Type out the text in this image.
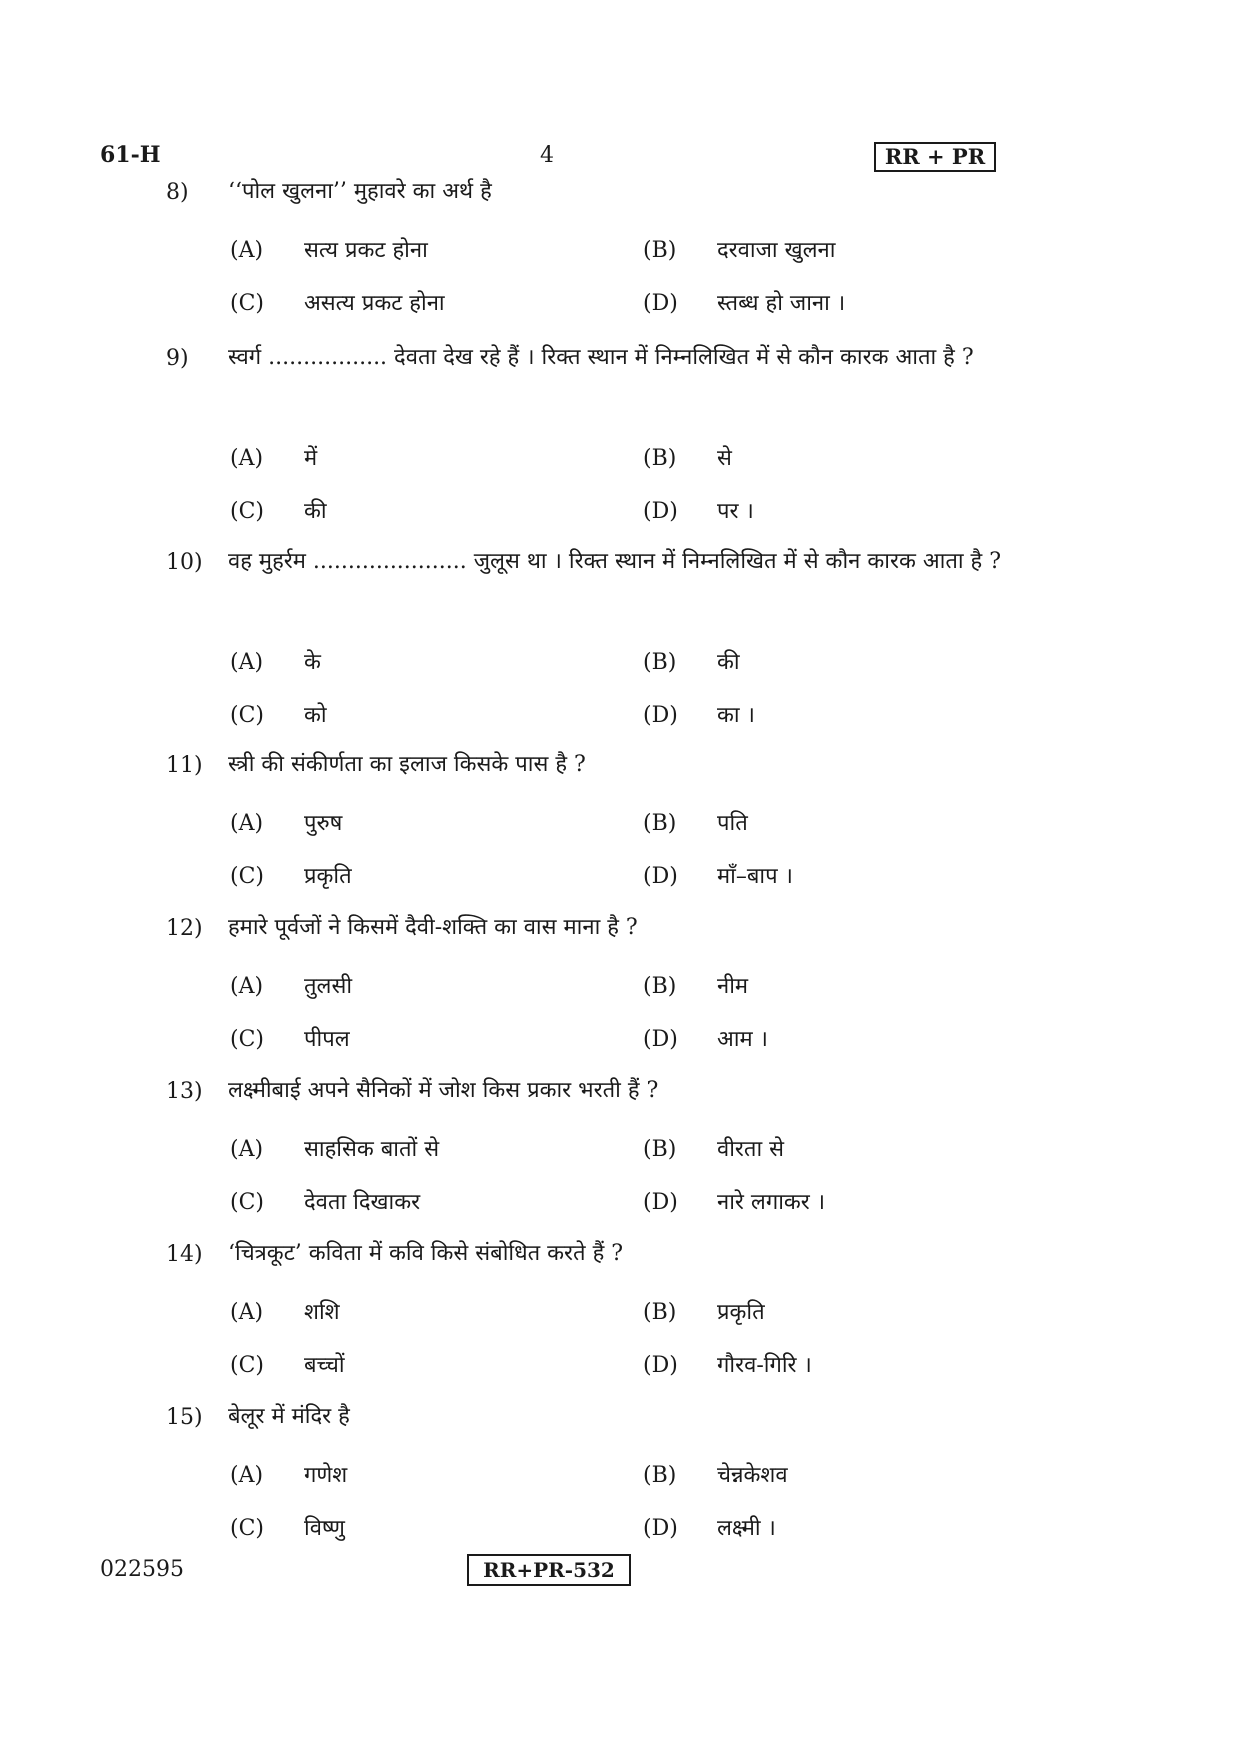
61-H	4	RR + PR
8) ‘‘पोल खुलना’’ मुहावरे का अर्थ है
(A) सत्य प्रकट होना	(B) दरवाजा खुलना
(C) असत्य प्रकट होना	(D) स्तब्ध हो जाना ।
9) स्वर्ग ................. देवता देख रहे हैं । रिक्त स्थान में निम्नलिखित में से कौन कारक आता है ?
(A) में	(B) से
(C) की	(D) पर ।
10) वह मुहर्रम ...................... जुलूस था । रिक्त स्थान में निम्नलिखित में से कौन कारक आता है ?
(A) के	(B) की
(C) को	(D) का ।
11) स्त्री की संकीर्णता का इलाज किसके पास है ?
(A) पुरुष	(B) पति
(C) प्रकृति	(D) माँ–बाप ।
12) हमारे पूर्वजों ने किसमें दैवी-शक्ति का वास माना है ?
(A) तुलसी	(B) नीम
(C) पीपल	(D) आम ।
13) लक्ष्मीबाई अपने सैनिकों में जोश किस प्रकार भरती हैं ?
(A) साहसिक बातों से	(B) वीरता से
(C) देवता दिखाकर	(D) नारे लगाकर ।
14) ‘चित्रकूट’ कविता में कवि किसे संबोधित करते हैं ?
(A) शशि	(B) प्रकृति
(C) बच्चों	(D) गौरव-गिरि ।
15) बेलूर में मंदिर है
(A) गणेश	(B) चेन्नकेशव
(C) विष्णु	(D) लक्ष्मी ।
022595	RR+PR-532
